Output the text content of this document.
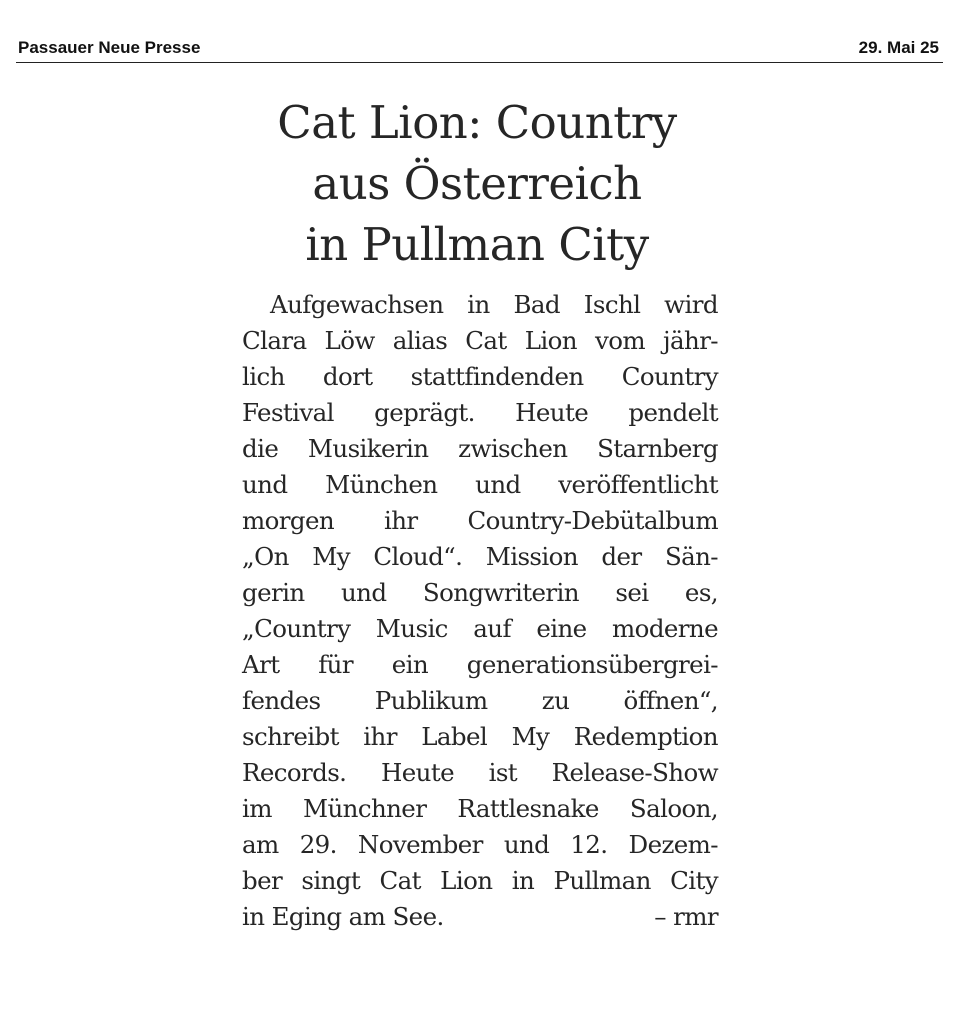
Passauer Neue Presse	29. Mai 25
Cat Lion: Country
aus Österreich
in Pullman City
Aufgewachsen in Bad Ischl wird
Clara Löw alias Cat Lion vom jähr-
lich dort stattfindenden Country
Festival geprägt. Heute pendelt
die Musikerin zwischen Starnberg
und München und veröffentlicht
morgen ihr Country-Debütalbum
„On My Cloud“. Mission der Sän-
gerin und Songwriterin sei es,
„Country Music auf eine moderne
Art für ein generationsübergrei-
fendes Publikum zu öffnen“,
schreibt ihr Label My Redemption
Records. Heute ist Release-Show
im Münchner Rattlesnake Saloon,
am 29. November und 12. Dezem-
ber singt Cat Lion in Pullman City
in Eging am See.	– rmr
